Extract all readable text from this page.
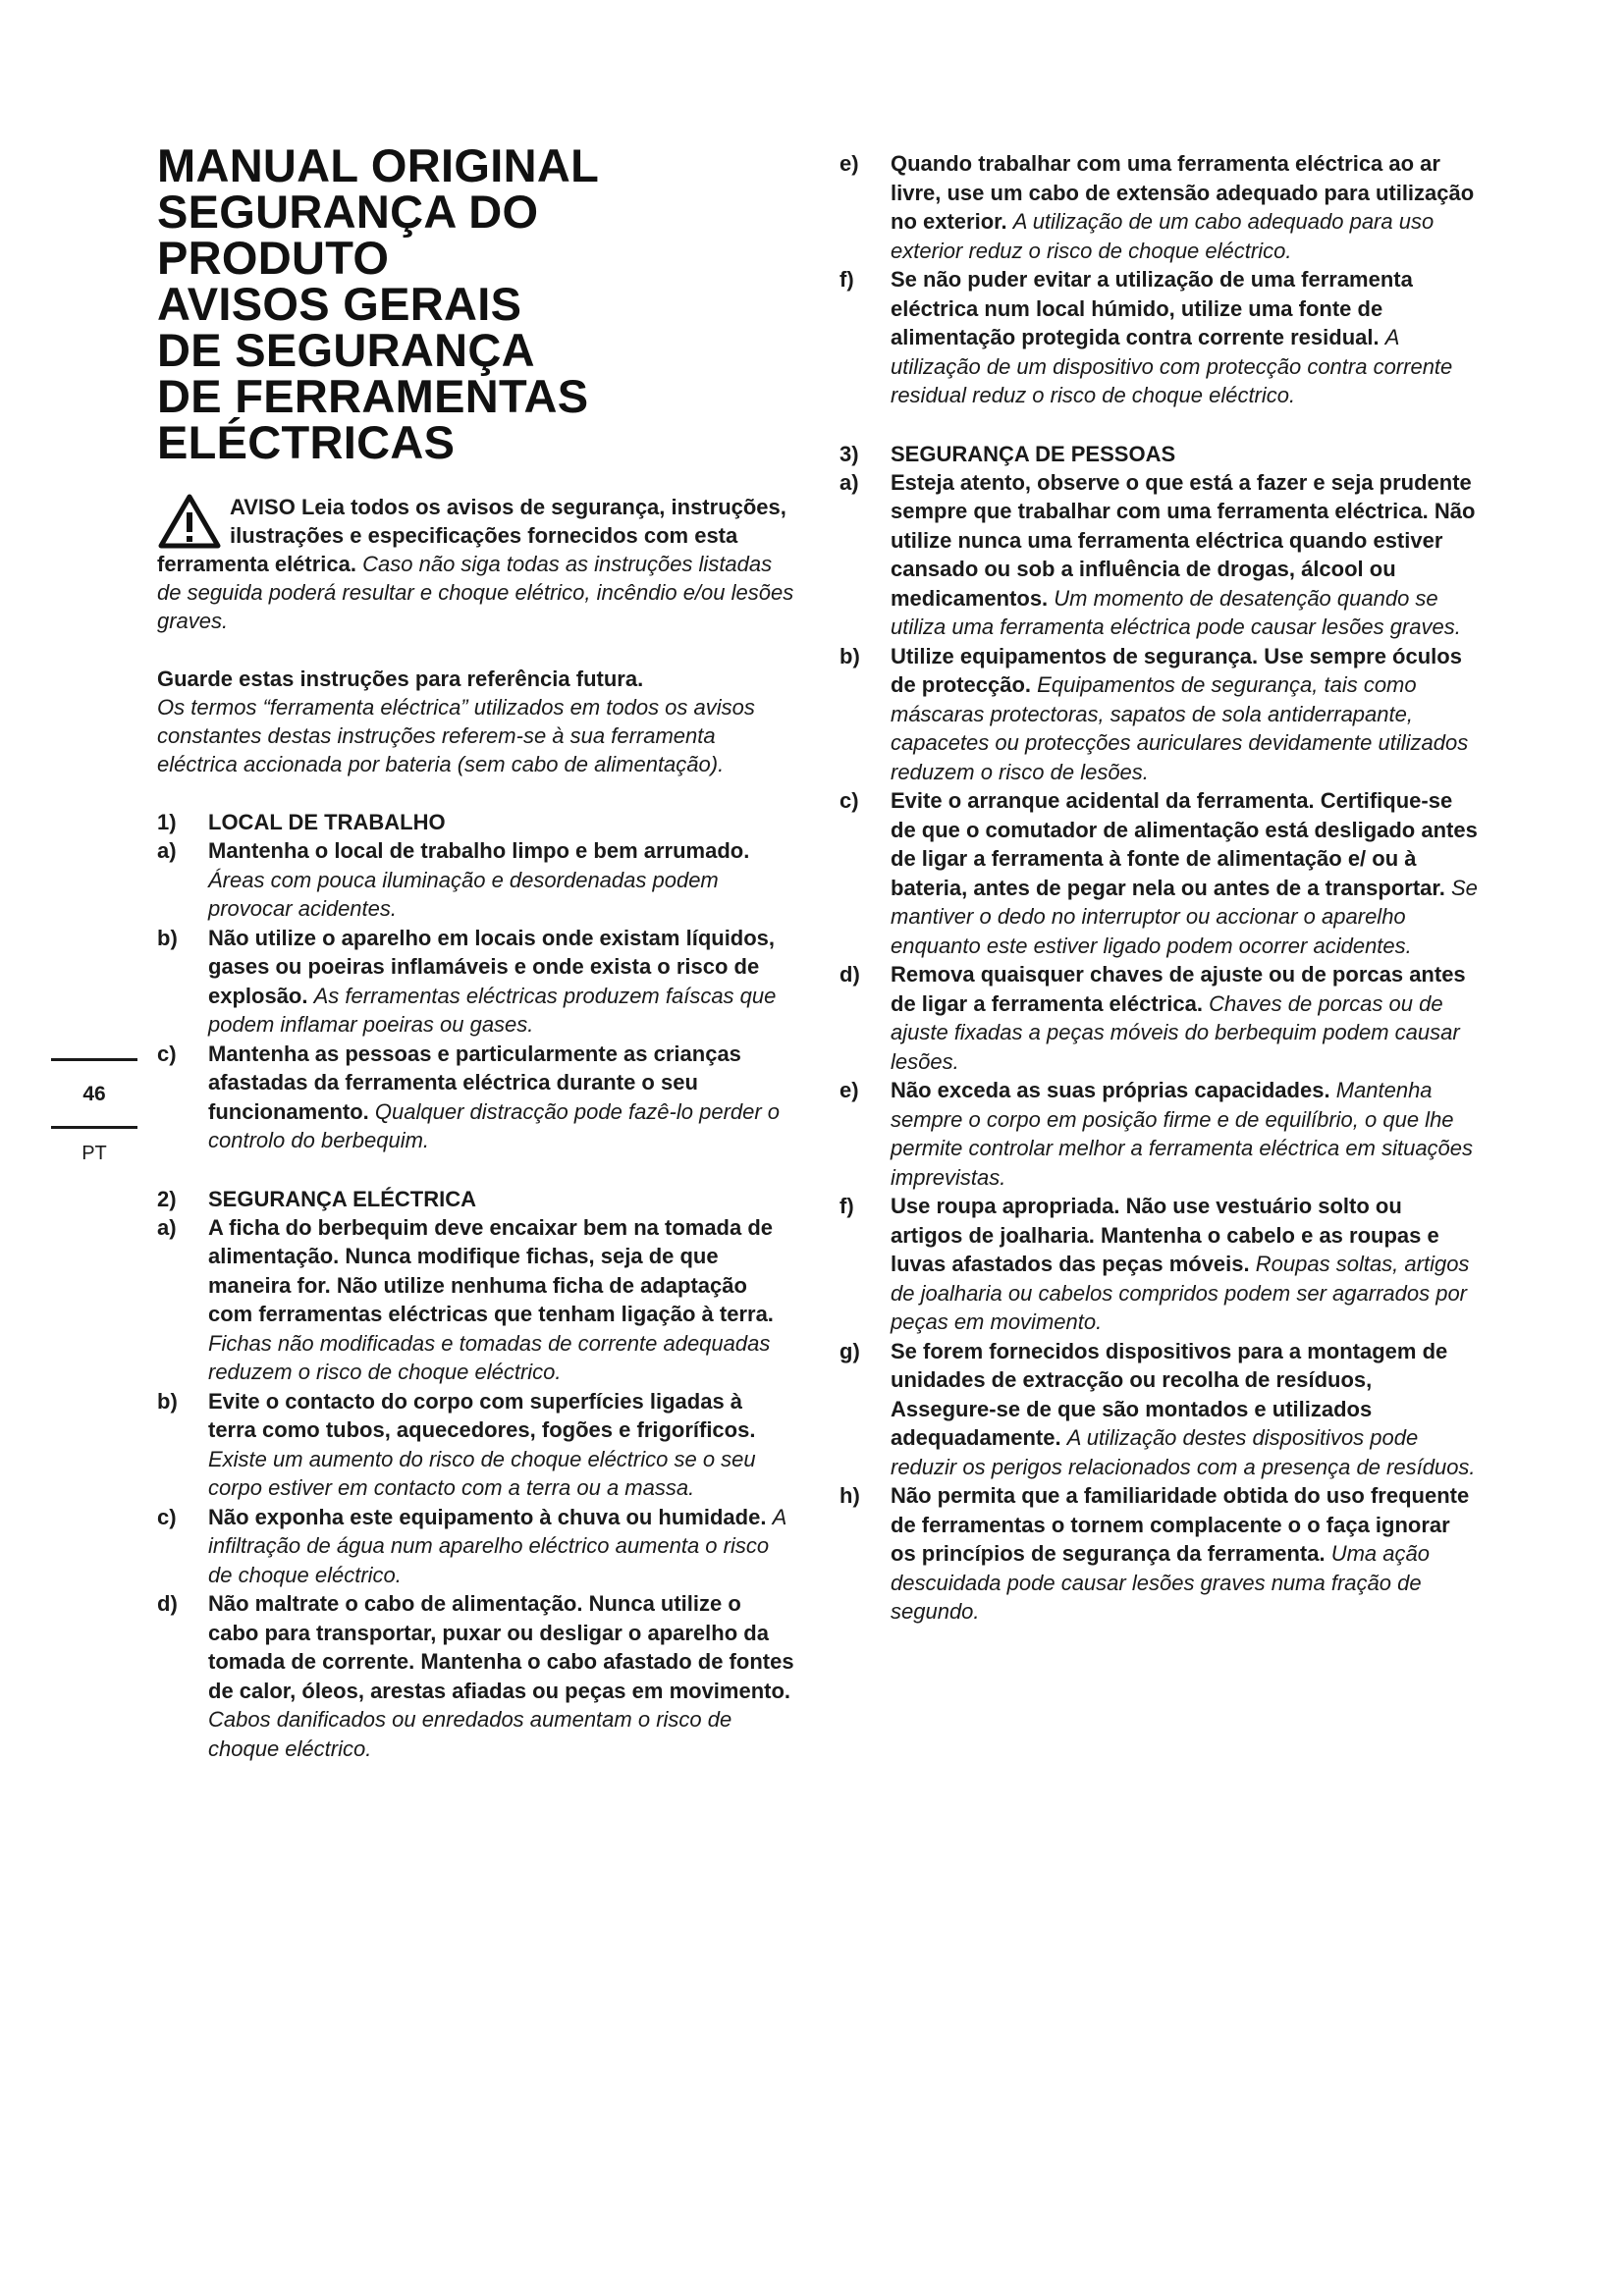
46
PT
MANUAL ORIGINAL
SEGURANÇA DO
PRODUTO
AVISOS GERAIS
DE SEGURANÇA
DE FERRAMENTAS
ELÉCTRICAS
AVISO Leia todos os avisos de segurança, instruções, ilustrações e especificações fornecidos com esta ferramenta elétrica. Caso não siga todas as instruções listadas de seguida poderá resultar e choque elétrico, incêndio e/ou lesões graves.
Guarde estas instruções para referência futura.
Os termos “ferramenta eléctrica” utilizados em todos os avisos constantes destas instruções referem-se à sua ferramenta eléctrica accionada por bateria (sem cabo de alimentação).
1) LOCAL DE TRABALHO
a) Mantenha o local de trabalho limpo e bem arrumado. Áreas com pouca iluminação e desordenadas podem provocar acidentes.
b) Não utilize o aparelho em locais onde existam líquidos, gases ou poeiras inflamáveis e onde exista o risco de explosão. As ferramentas eléctricas produzem faíscas que podem inflamar poeiras ou gases.
c) Mantenha as pessoas e particularmente as crianças afastadas da ferramenta eléctrica durante o seu funcionamento. Qualquer distracção pode fazê-lo perder o controlo do berbequim.
2) SEGURANÇA ELÉCTRICA
a) A ficha do berbequim deve encaixar bem na tomada de alimentação. Nunca modifique fichas, seja de que maneira for. Não utilize nenhuma ficha de adaptação com ferramentas eléctricas que tenham ligação à terra. Fichas não modificadas e tomadas de corrente adequadas reduzem o risco de choque eléctrico.
b) Evite o contacto do corpo com superfícies ligadas à terra como tubos, aquecedores, fogões e frigoríficos. Existe um aumento do risco de choque eléctrico se o seu corpo estiver em contacto com a terra ou a massa.
c) Não exponha este equipamento à chuva ou humidade. A infiltração de água num aparelho eléctrico aumenta o risco de choque eléctrico.
d) Não maltrate o cabo de alimentação. Nunca utilize o cabo para transportar, puxar ou desligar o aparelho da tomada de corrente. Mantenha o cabo afastado de fontes de calor, óleos, arestas afiadas ou peças em movimento. Cabos danificados ou enredados aumentam o risco de choque eléctrico.
e) Quando trabalhar com uma ferramenta eléctrica ao ar livre, use um cabo de extensão adequado para utilização no exterior. A utilização de um cabo adequado para uso exterior reduz o risco de choque eléctrico.
f) Se não puder evitar a utilização de uma ferramenta eléctrica num local húmido, utilize uma fonte de alimentação protegida contra corrente residual. A utilização de um dispositivo com protecção contra corrente residual reduz o risco de choque eléctrico.
3) SEGURANÇA DE PESSOAS
a) Esteja atento, observe o que está a fazer e seja prudente sempre que trabalhar com uma ferramenta eléctrica. Não utilize nunca uma ferramenta eléctrica quando estiver cansado ou sob a influência de drogas, álcool ou medicamentos. Um momento de desatenção quando se utiliza uma ferramenta eléctrica pode causar lesões graves.
b) Utilize equipamentos de segurança. Use sempre óculos de protecção. Equipamentos de segurança, tais como máscaras protectoras, sapatos de sola antiderrapante, capacetes ou protecções auriculares devidamente utilizados reduzem o risco de lesões.
c) Evite o arranque acidental da ferramenta. Certifique-se de que o comutador de alimentação está desligado antes de ligar a ferramenta à fonte de alimentação e/ ou à bateria, antes de pegar nela ou antes de a transportar. Se mantiver o dedo no interruptor ou accionar o aparelho enquanto este estiver ligado podem ocorrer acidentes.
d) Remova quaisquer chaves de ajuste ou de porcas antes de ligar a ferramenta eléctrica. Chaves de porcas ou de ajuste fixadas a peças móveis do berbequim podem causar lesões.
e) Não exceda as suas próprias capacidades. Mantenha sempre o corpo em posição firme e de equilíbrio, o que lhe permite controlar melhor a ferramenta eléctrica em situações imprevistas.
f) Use roupa apropriada. Não use vestuário solto ou artigos de joalharia. Mantenha o cabelo e as roupas e luvas afastados das peças móveis. Roupas soltas, artigos de joalharia ou cabelos compridos podem ser agarrados por peças em movimento.
g) Se forem fornecidos dispositivos para a montagem de unidades de extracção ou recolha de resíduos, Assegure-se de que são montados e utilizados adequadamente. A utilização destes dispositivos pode reduzir os perigos relacionados com a presença de resíduos.
h) Não permita que a familiaridade obtida do uso frequente de ferramentas o tornem complacente o o faça ignorar os princípios de segurança da ferramenta. Uma ação descuidada pode causar lesões graves numa fração de segundo.
